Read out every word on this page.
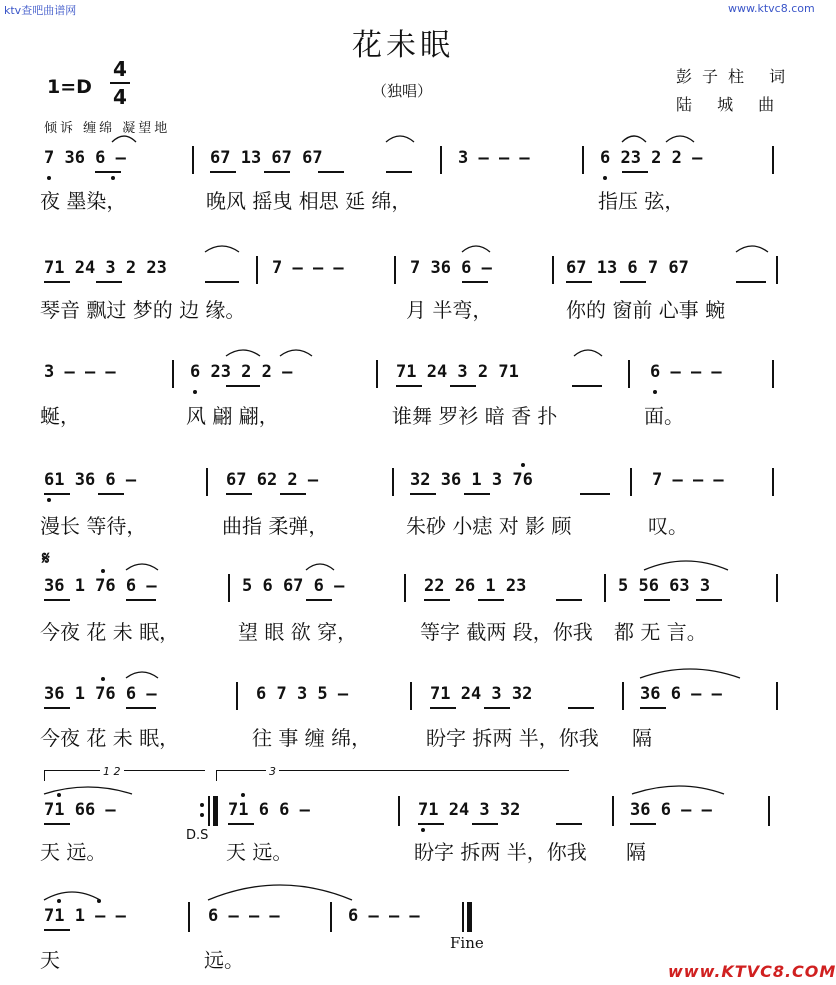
ktv查吧曲谱网	www.ktvc8.com
花未眠
（独唱）
彭子柱 词
陆 城 曲
1=D
4
4
倾诉 缠绵 凝望地
7 36 6 –	67 13 67 67	3 – – –	6 23 2 2 –
夜 墨染，	晚风 摇曳 相思 延 绵，	指压 弦，
71 24 3 2 23	7 – – –	7 36 6 –	67 13 6 7 67
琴音 飘过 梦的 边 缘。	月 半弯，	你的 窗前 心事 蜿
3 – – –	6 23 2 2 –	71 24 3 2 71	6 – – –
蜒，	风 翩 翩，	谁舞 罗衫 暗 香 扑	面。
61 36 6 –	67 62 2 –	32 36 1 3 76	7 – – –
漫长 等待，	曲指 柔弹，	朱砂 小痣 对 影 顾	叹。
𝄋
36 1 76 6 –	5 6 67 6 –	22 26 1 23	5 56 63 3
今夜 花 未 眠，	望 眼 欲 穿，	等字 截两 段，你我 都 无 言。
36 1 76 6 –	6 7 3 5 –	71 24 3 32	36 6 – –
今夜 花 未 眠，	往 事 缠 绵，	盼字 拆两 半，你我 隔
1 2	3
71 66 –	71 6 6 –	71 24 3 32	36 6 – –
天 远。
D.S
天 远。	盼字 拆两 半，你我 隔
71 1 – –	6 – – –	6 – – –
Fine
天	远。	www.KTVC8.COM
